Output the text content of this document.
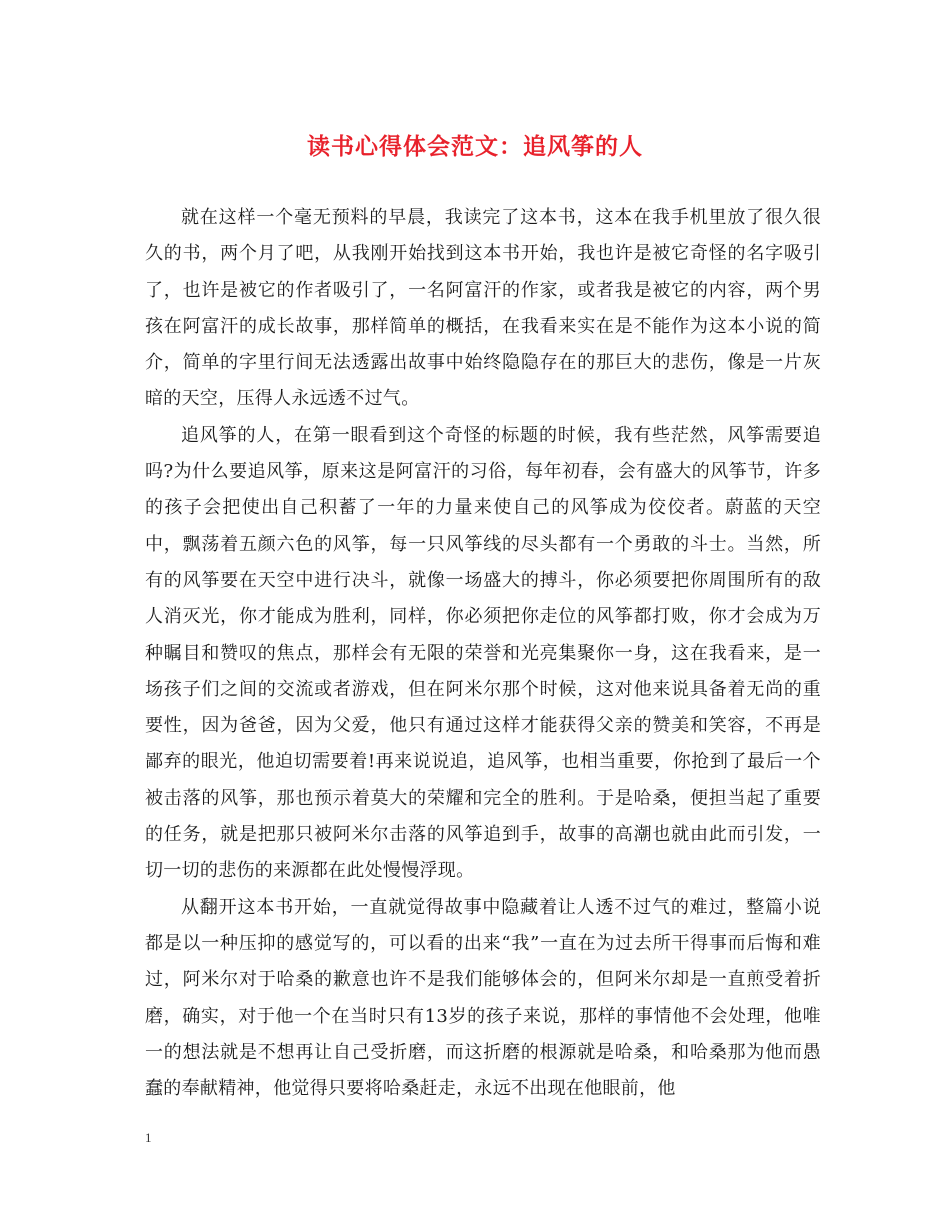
读书心得体会范文：追风筝的人

就在这样一个毫无预料的早晨，我读完了这本书，这本在我手机里放了很久很久的书，两个月了吧，从我刚开始找到这本书开始，我也许是被它奇怪的名字吸引了，也许是被它的作者吸引了，一名阿富汗的作家，或者我是被它的内容，两个男孩在阿富汗的成长故事，那样简单的概括，在我看来实在是不能作为这本小说的简介，简单的字里行间无法透露出故事中始终隐隐存在的那巨大的悲伤，像是一片灰暗的天空，压得人永远透不过气。

追风筝的人，在第一眼看到这个奇怪的标题的时候，我有些茫然，风筝需要追吗?为什么要追风筝，原来这是阿富汗的习俗，每年初春，会有盛大的风筝节，许多的孩子会把使出自己积蓄了一年的力量来使自己的风筝成为佼佼者。蔚蓝的天空中，飘荡着五颜六色的风筝，每一只风筝线的尽头都有一个勇敢的斗士。当然，所有的风筝要在天空中进行决斗，就像一场盛大的搏斗，你必须要把你周围所有的敌人消灭光，你才能成为胜利，同样，你必须把你走位的风筝都打败，你才会成为万种瞩目和赞叹的焦点，那样会有无限的荣誉和光亮集聚你一身，这在我看来，是一场孩子们之间的交流或者游戏，但在阿米尔那个时候，这对他来说具备着无尚的重要性，因为爸爸，因为父爱，他只有通过这样才能获得父亲的赞美和笑容，不再是鄙弃的眼光，他迫切需要着!再来说说追，追风筝，也相当重要，你抢到了最后一个被击落的风筝，那也预示着莫大的荣耀和完全的胜利。于是哈桑，便担当起了重要的任务，就是把那只被阿米尔击落的风筝追到手，故事的高潮也就由此而引发，一切一切的悲伤的来源都在此处慢慢浮现。

从翻开这本书开始，一直就觉得故事中隐藏着让人透不过气的难过，整篇小说都是以一种压抑的感觉写的，可以看的出来“我”一直在为过去所干得事而后悔和难过，阿米尔对于哈桑的歉意也许不是我们能够体会的，但阿米尔却是一直煎受着折磨，确实，对于他一个在当时只有13岁的孩子来说，那样的事情他不会处理，他唯一的想法就是不想再让自己受折磨，而这折磨的根源就是哈桑，和哈桑那为他而愚蠢的奉献精神，他觉得只要将哈桑赶走，永远不出现在他眼前，他

1
